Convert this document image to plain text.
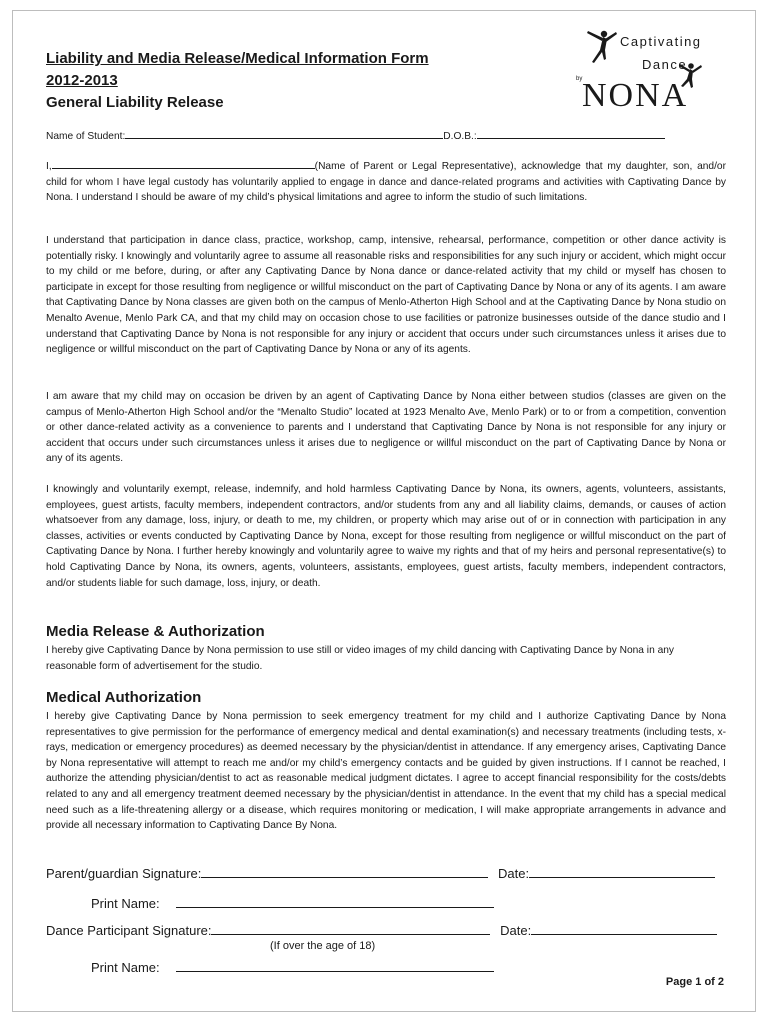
Liability and Media Release/Medical Information Form
2012-2013
General Liability Release
Captivating
Dance
by NONA
Name of Student:	D.O.B.:
I,	(Name of Parent or Legal Representative), acknowledge that my daughter, son, and/or child for whom I have legal custody has voluntarily applied to engage in dance and dance-related programs and activities with Captivating Dance by Nona. I understand I should be aware of my child’s physical limitations and agree to inform the studio of such limitations.
I understand that participation in dance class, practice, workshop, camp, intensive, rehearsal, performance, competition or other dance activity is potentially risky. I knowingly and voluntarily agree to assume all reasonable risks and responsibilities for any such injury or accident, which might occur to my child or me before, during, or after any Captivating Dance by Nona dance or dance-related activity that my child or myself has chosen to participate in except for those resulting from negligence or willful misconduct on the part of Captivating Dance by Nona or any of its agents. I am aware that Captivating Dance by Nona classes are given both on the campus of Menlo-Atherton High School and at the Captivating Dance by Nona studio on Menalto Avenue, Menlo Park CA, and that my child may on occasion chose to use facilities or patronize businesses outside of the dance studio and I understand that Captivating Dance by Nona is not responsible for any injury or accident that occurs under such circumstances unless it arises due to negligence or willful misconduct on the part of Captivating Dance by Nona or any of its agents.
I am aware that my child may on occasion be driven by an agent of Captivating Dance by Nona either between studios (classes are given on the campus of Menlo-Atherton High School and/or the “Menalto Studio” located at 1923 Menalto Ave, Menlo Park) or to or from a competition, convention or other dance-related activity as a convenience to parents and I understand that Captivating Dance by Nona is not responsible for any injury or accident that occurs under such circumstances unless it arises due to negligence or willful misconduct on the part of Captivating Dance by Nona or any of its agents.
I knowingly and voluntarily exempt, release, indemnify, and hold harmless Captivating Dance by Nona, its owners, agents, volunteers, assistants, employees, guest artists, faculty members, independent contractors, and/or students from any and all liability claims, demands, or causes of action whatsoever from any damage, loss, injury, or death to me, my children, or property which may arise out of or in connection with participation in any classes, activities or events conducted by Captivating Dance by Nona, except for those resulting from negligence or willful misconduct on the part of Captivating Dance by Nona. I further hereby knowingly and voluntarily agree to waive my rights and that of my heirs and personal representative(s) to hold Captivating Dance by Nona, its owners, agents, volunteers, assistants, employees, guest artists, faculty members, independent contractors, and/or students liable for such damage, loss, injury, or death.
Media Release & Authorization
I hereby give Captivating Dance by Nona permission to use still or video images of my child dancing with Captivating Dance by Nona in any reasonable form of advertisement for the studio.
Medical Authorization
I hereby give Captivating Dance by Nona permission to seek emergency treatment for my child and I authorize Captivating Dance by Nona representatives to give permission for the performance of emergency medical and dental examination(s) and necessary treatments (including tests, x-rays, medication or emergency procedures) as deemed necessary by the physician/dentist in attendance. If any emergency arises, Captivating Dance by Nona representative will attempt to reach me and/or my child’s emergency contacts and be guided by given instructions. If I cannot be reached, I authorize the attending physician/dentist to act as reasonable medical judgment dictates. I agree to accept financial responsibility for the costs/debts related to any and all emergency treatment deemed necessary by the physician/dentist in attendance. In the event that my child has a special medical need such as a life-threatening allergy or a disease, which requires monitoring or medication, I will make appropriate arrangements in advance and provide all necessary information to Captivating Dance By Nona.
Parent/guardian Signature:	Date:
Print Name:
Dance Participant Signature:	Date:
(If over the age of 18)
Print Name:
Page 1 of 2
